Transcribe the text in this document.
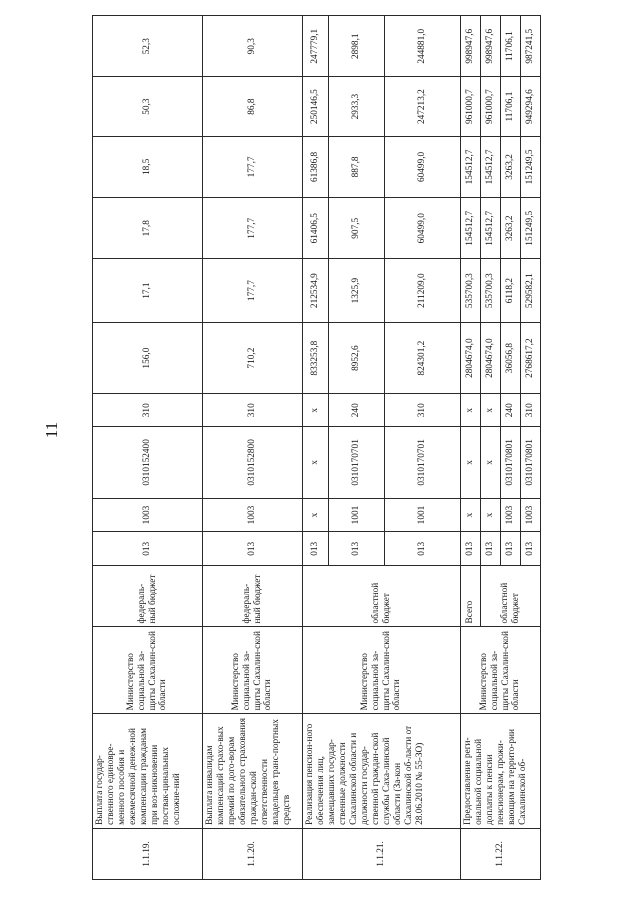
11
1.1.19.	Выплата государ-ственного единовре-менного пособия и ежемесячной денеж-ной компенсации гражданам при воз-никновении поствак-цинальных осложне-ний	Министерство социальной за-щиты Сахалин-ской области	федераль-ный бюджет	013	1003	0310152400	310	156,0	17,1	17,8	18,5	50,3	52,3
1.1.20.	Выплата инвалидам компенсаций страхо-вых премий по дого-ворам обязательного страхования граждан-ской ответственности владельцев транс-портных средств	Министерство социальной за-щиты Сахалин-ской области	федераль-ный бюджет	013	1003	0310152800	310	710,2	177,7	177,7	177,7	86,8	90,3
1.1.21.	Реализация пенсион-ного обеспечения лиц, замещавших государ-ственные должности Сахалинской области и должности государ-ственной граждан-ской службы Саха-линской области (За-кон Сахалинской об-ласти от 28.06.2010 № 55-ЗО)	Министерство социальной за-щиты Сахалин-ской области	областной бюджет	013	х	х	х	833253,8	212534,9	61406,5	61386,8	250146,5	247779,1
				013	1001	0310170701	240	8952,6	1325,9	907,5	887,8	2933,3	2898,1
				013	1001	0310170701	310	824301,2	211209,0	60499,0	60499,0	247213,2	244881,0
1.1.22.	Предоставление реги-ональной социальной доплаты к пенсии пенсионерам, прожи-вающим на террито-рии Сахалинской об-	Министерство социальной за-щиты Сахалин-ской области	Всего	013	х	х	х	2804674,0	535700,3	154512,7	154512,7	961000,7	998947,6
			областной бюджет	013	х	х	х	2804674,0	535700,3	154512,7	154512,7	961000,7	998947,6
				013	1003	0310170801	240	36056,8	6118,2	3263,2	3263,2	11706,1	11706,1
				013	1003	0310170801	310	2768617,2	529582,1	151249,5	151249,5	949294,6	987241,5
